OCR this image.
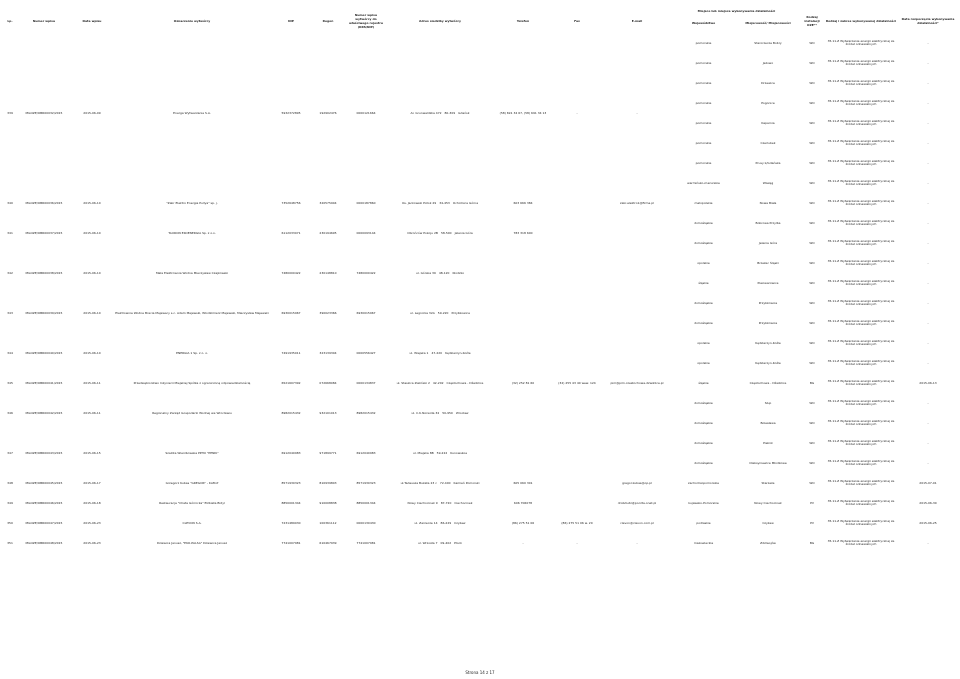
Lp.	Numer wpisu	Data wpisu	Oznaczenie wytwórcy	NIP	Regon	Numer wpisu wytwórcy do właściwego rejestru (KRS/NIP)	Adres siedziby wytwórcy	Telefon	Fax	E-mail	Miejsce lub miejsca wykonywania działalności		Rodzaj instalacji OZE**	Rodzaj i zakres wykonywanej działalności	Data rozpoczęcia wykonywania działalności*
											Województwo	Miejscowość/ Miejscowości			
339	MGOZE/OBR00032/2015	2015-06-09	Energa Wytwarzanie S.A.	5932372895	192902476	0000121664	Al. Grunwaldzka 472  80-309  Gdańsk	(58) 691 34 67, (58) 691 34 13	-	-	pomorskie	Starorzecze Bobry	WO	35.11.Z Wytwarzanie energii elektrycznej ze źródeł odnawialnych	-
											pomorskie	Jeżowo	WO	35.11.Z Wytwarzanie energii elektrycznej ze źródeł odnawialnych	-
											pomorskie	Drzewice	WO	35.11.Z Wytwarzanie energii elektrycznej ze źródeł odnawialnych	-
											pomorskie	Pogonice	WO	35.11.Z Wytwarzanie energii elektrycznej ze źródeł odnawialnych	-
											pomorskie	Kaparnia	WO	35.11.Z Wytwarzanie energii elektrycznej ze źródeł odnawialnych	-
											pomorskie	Czerlubek	WO	35.11.Z Wytwarzanie energii elektrycznej ze źródeł odnawialnych	-
											pomorskie	Prusy k/Gdańska	WO	35.11.Z Wytwarzanie energii elektrycznej ze źródeł odnawialnych	-
											warmińsko-mazurskie	Wiszęg	WO	35.11.Z Wytwarzanie energii elektrycznej ze źródeł odnawialnych	-
340	MGOZE/OBR00036/2015	2015-06-10	"Zakr Elektro Energia Pullya" sp. j.	7352648756	320575904	0000187860	Os. Jackowski Potok 29  34-453  Ochotnica Górna	603 666 384		zakr.elektro1@firma.pl	małopolskie	Nowa Biała	WO	35.11.Z Wytwarzanie energii elektrycznej ze źródeł odnawialnych	-
341	MGOZE/OBR00037/2015	2015-06-10	TAURON EKOENERGIA Sp. z o.o.	6112033071	230194695	0000093144	Obrońców Pokoju 2B  58-500  Jelenia Góra	783 318 600			dolnośląskie	Bobrowa Przylba	WO	35.11.Z Wytwarzanie energii elektrycznej ze źródeł odnawialnych	-
											dolnośląskie	Jelenia Góra	WO	35.11.Z Wytwarzanie energii elektrycznej ze źródeł odnawialnych	-
342	MGOZE/OBR00038/2015	2015-06-10	Mała Elektrownia Wodna Mieczysław Czajkowski	7480000422	230148810	7480000422	ul. Górska 39  48-120  Kłodzko				opolskie	Brzeżec Śląski	WO	35.11.Z Wytwarzanie energii elektrycznej ze źródeł odnawialnych	-
											śląskie	Piwowarowice	WO	35.11.Z Wytwarzanie energii elektrycznej ze źródeł odnawialnych	-
343	MGOZE/OBR00039/2015	2015-06-10	Elektrownie Wodne Bracia Majewscy s.c. Adam Majewski, Włodzimierz Majewski, Mieczysław Majewski	6930015967	390023366	6930015967	ul. Legnicka 32A  59-220  Przybkowice				dolnośląskie	Przybkowice	WO	35.11.Z Wytwarzanie energii elektrycznej ze źródeł odnawialnych	-
											dolnośląskie	Przybkowice	WO	35.11.Z Wytwarzanie energii elektrycznej ze źródeł odnawialnych	-
344	MGOZE/OBR00040/2015	2015-06-10	ENERGIA 1 Sp. z o. o.	7491935011	323139304	0000556427	ul. Wiejska 1  47-220  Kędzierzyn-Koźle				opolskie	Kędzierzyn-Koźle	WO	35.11.Z Wytwarzanie energii elektrycznej ze źródeł odnawialnych	-
											opolskie	Kędzierzyn-Koźle	WO	35.11.Z Wytwarzanie energii elektrycznej ze źródeł odnawialnych	-
345	MGOZE/OBR00041/2015	2015-06-11	Przedsiębiorstwo Inżynierii Miejskiej Spółka z ograniczoną odpowiedzialnością	6521607392	072668084	0000134837	ul. Staszica Zieliński 2  42-202  Częstochowa - Dźwiklice	(32) 252 81 60	(32) 255 43 40 wew. 124	pim@pim.czestochowa-dzwiklice.pl	śląskie	Częstochowa - Dźwiklice	BG	35.11.Z Wytwarzanie energii elektrycznej ze źródeł odnawialnych	2015-06-13
346	MGOZE/OBR00042/2015	2015-06-11	Regionalny Zarząd Gospodarki Wodnej we Wrocławiu	8982015432	932101013	8982015432	ul. C.K.Norwida 34  50-950  Wrocław				dolnośląskie	Słup	WO	35.11.Z Wytwarzanie energii elektrycznej ze źródeł odnawialnych	-
											dolnośląskie	Bolesława	WO	35.11.Z Wytwarzanie energii elektrycznej ze źródeł odnawialnych	-
347	MGOZE/OBR00043/2015	2015-06-15	Szałota Wierzbowska PPHU "PENIK"	6912040983	971899771	6912040983	ul. Miejska 8B  59-222  Kunowskoe				dolnośląskie	Pielnik	WO	35.11.Z Wytwarzanie energii elektrycznej ze źródeł odnawialnych	-
											dolnośląskie	Oleksyniewice Młodkowe	WO	35.11.Z Wytwarzanie energii elektrycznej ze źródeł odnawialnych	-
348	MGOZE/OBR00045/2015	2015-06-17	Grzegorz Kubas "GREGOR" - KAM-P	8571930323	810939803	8571930323	ul.Tadeusza Bukata 23 c  72-400  Kamień Pomorski	605 060 301		gregor.kubas@op.pl	zachodniopomorskie	Starzeże	WO	35.11.Z Wytwarzanie energii elektrycznej ze źródeł odnawialnych	2015-07-01
349	MGOZE/OBR00046/2015	2015-06-18	Restauracja "Chata Górnicka" Elżbieta Bidyl	8850001344	910008838	8850001344	Nowy Ciechocinek 9  87-720  Ciechocinek	606 706078		drobdudz@poczta.onet.pl	kujawsko-Pomorskie	Nowy Ciechocinek	PV	35.11.Z Wytwarzanie energii elektrycznej ze źródeł odnawialnych	2015-06-30
350	MGOZE/OBR00047/2015	2015-06-23	CLEVON S.A.	7231489030	100361112	0000130430	ul. Zarzecze 14  86-229  Czyżew	(86) 275 51 06	(86) 275 51 06 w. 20	clevon@clevon.com.pl	podlaskie	Czyżew	PV	35.11.Z Wytwarzanie energii elektrycznej ze źródeł odnawialnych	2015-06-25
351	MGOZE/OBR00048/2015	2015-06-23	Dziewica Janusz, "EKO-PALSA" Dziewica Janusz	7741007981	610467939	7741007981	ul. Wrzosta 7  09-402  Płock	-	-	-	mazowieckie	Zdziwojów	BG	35.11.Z Wytwarzanie energii elektrycznej ze źródeł odnawialnych	-
Strona 14 z 17
